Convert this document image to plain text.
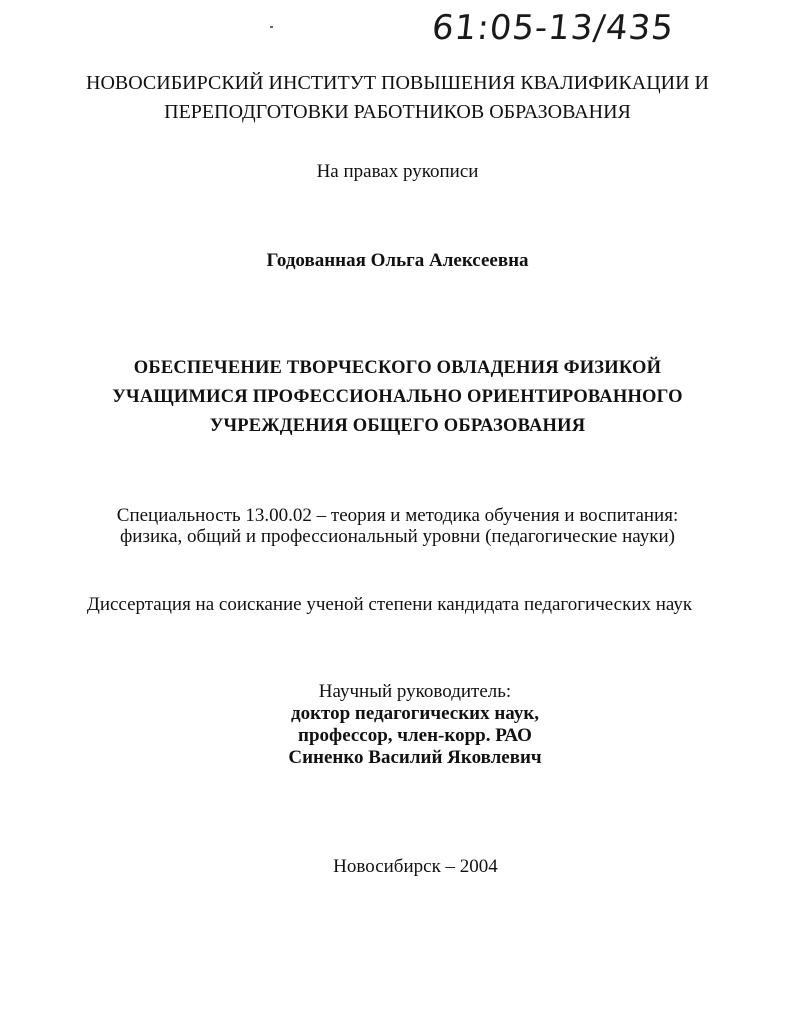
61:05-13/435
НОВОСИБИРСКИЙ ИНСТИТУТ ПОВЫШЕНИЯ КВАЛИФИКАЦИИ И
ПЕРЕПОДГОТОВКИ РАБОТНИКОВ ОБРАЗОВАНИЯ
На правах рукописи
Годованная Ольга Алексеевна
ОБЕСПЕЧЕНИЕ ТВОРЧЕСКОГО ОВЛАДЕНИЯ ФИЗИКОЙ
УЧАЩИМИСЯ ПРОФЕССИОНАЛЬНО ОРИЕНТИРОВАННОГО
УЧРЕЖДЕНИЯ ОБЩЕГО ОБРАЗОВАНИЯ
Специальность 13.00.02 – теория и методика обучения и воспитания:
физика, общий и профессиональный уровни (педагогические науки)
Диссертация на соискание ученой степени кандидата педагогических наук
Научный руководитель:
доктор педагогических наук,
профессор, член-корр. РАО
Синенко Василий Яковлевич
Новосибирск – 2004
